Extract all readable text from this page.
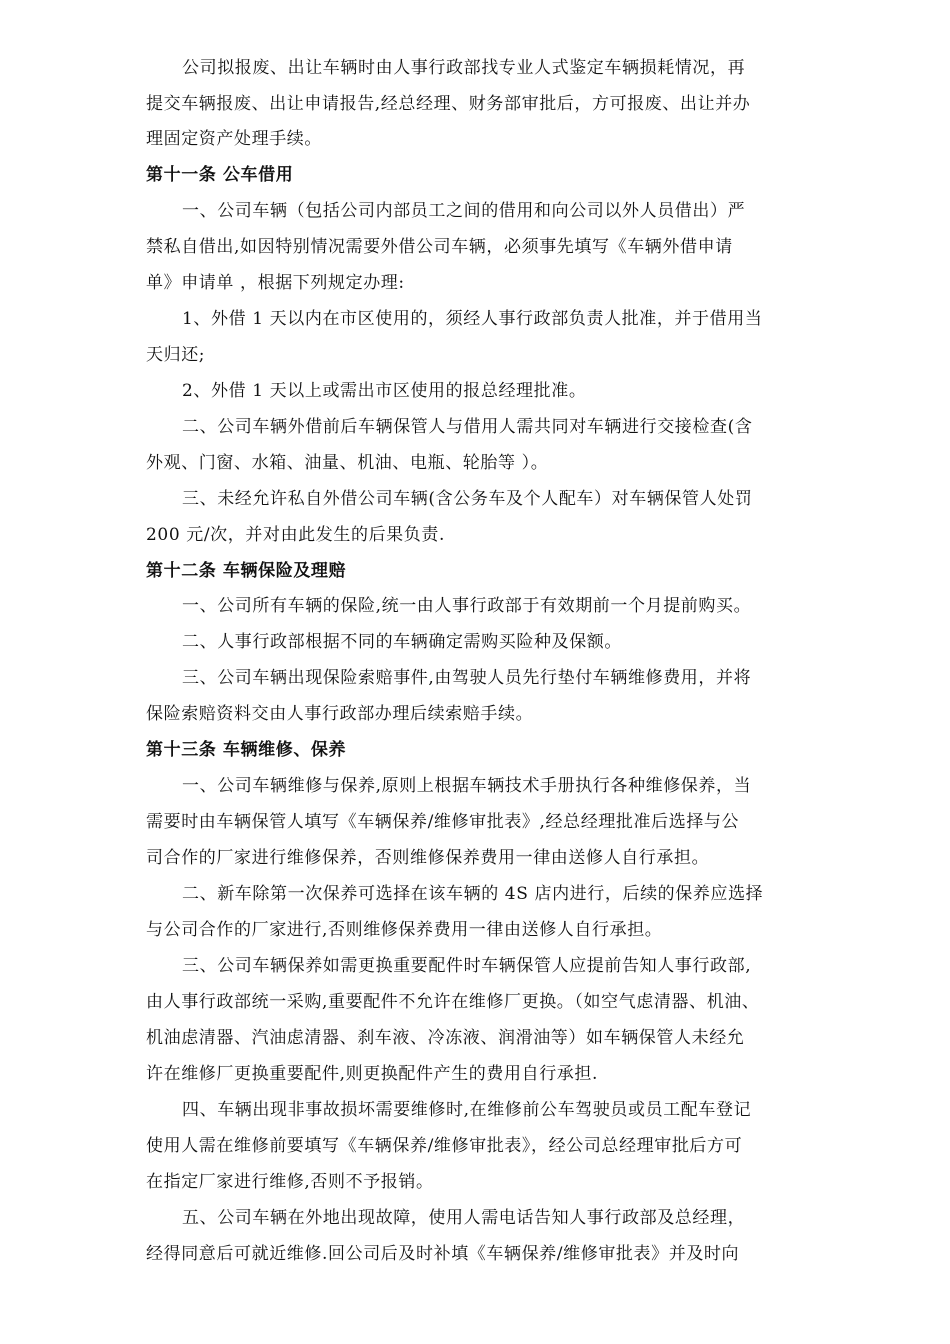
公司拟报废、出让车辆时由人事行政部找专业人式鉴定车辆损耗情况，再
提交车辆报废、出让申请报告,经总经理、财务部审批后，方可报废、出让并办
理固定资产处理手续。
第十一条 公车借用
一、公司车辆（包括公司内部员工之间的借用和向公司以外人员借出）严
禁私自借出,如因特别情况需要外借公司车辆，必须事先填写《车辆外借申请
单》申请单 ，根据下列规定办理:
1、外借 1 天以内在市区使用的，须经人事行政部负责人批准，并于借用当
天归还;
2、外借 1 天以上或需出市区使用的报总经理批准。
二、公司车辆外借前后车辆保管人与借用人需共同对车辆进行交接检查(含
外观、门窗、水箱、油量、机油、电瓶、轮胎等 ）。
三、未经允许私自外借公司车辆(含公务车及个人配车）对车辆保管人处罚
200 元/次，并对由此发生的后果负责.
第十二条 车辆保险及理赔
一、公司所有车辆的保险,统一由人事行政部于有效期前一个月提前购买。
二、人事行政部根据不同的车辆确定需购买险种及保额。
三、公司车辆出现保险索赔事件,由驾驶人员先行垫付车辆维修费用，并将
保险索赔资料交由人事行政部办理后续索赔手续。
第十三条 车辆维修、保养
一、公司车辆维修与保养,原则上根据车辆技术手册执行各种维修保养，当
需要时由车辆保管人填写《车辆保养/维修审批表》,经总经理批准后选择与公
司合作的厂家进行维修保养，否则维修保养费用一律由送修人自行承担。
二、新车除第一次保养可选择在该车辆的 4S 店内进行，后续的保养应选择
与公司合作的厂家进行,否则维修保养费用一律由送修人自行承担。
三、公司车辆保养如需更换重要配件时车辆保管人应提前告知人事行政部,
由人事行政部统一采购,重要配件不允许在维修厂更换。（如空气虑清器、机油、
机油虑清器、汽油虑清器、刹车液、冷冻液、润滑油等）如车辆保管人未经允
许在维修厂更换重要配件,则更换配件产生的费用自行承担.
四、车辆出现非事故损坏需要维修时,在维修前公车驾驶员或员工配车登记
使用人需在维修前要填写《车辆保养/维修审批表》，经公司总经理审批后方可
在指定厂家进行维修,否则不予报销。
五、公司车辆在外地出现故障，使用人需电话告知人事行政部及总经理，
经得同意后可就近维修.回公司后及时补填《车辆保养/维修审批表》并及时向
